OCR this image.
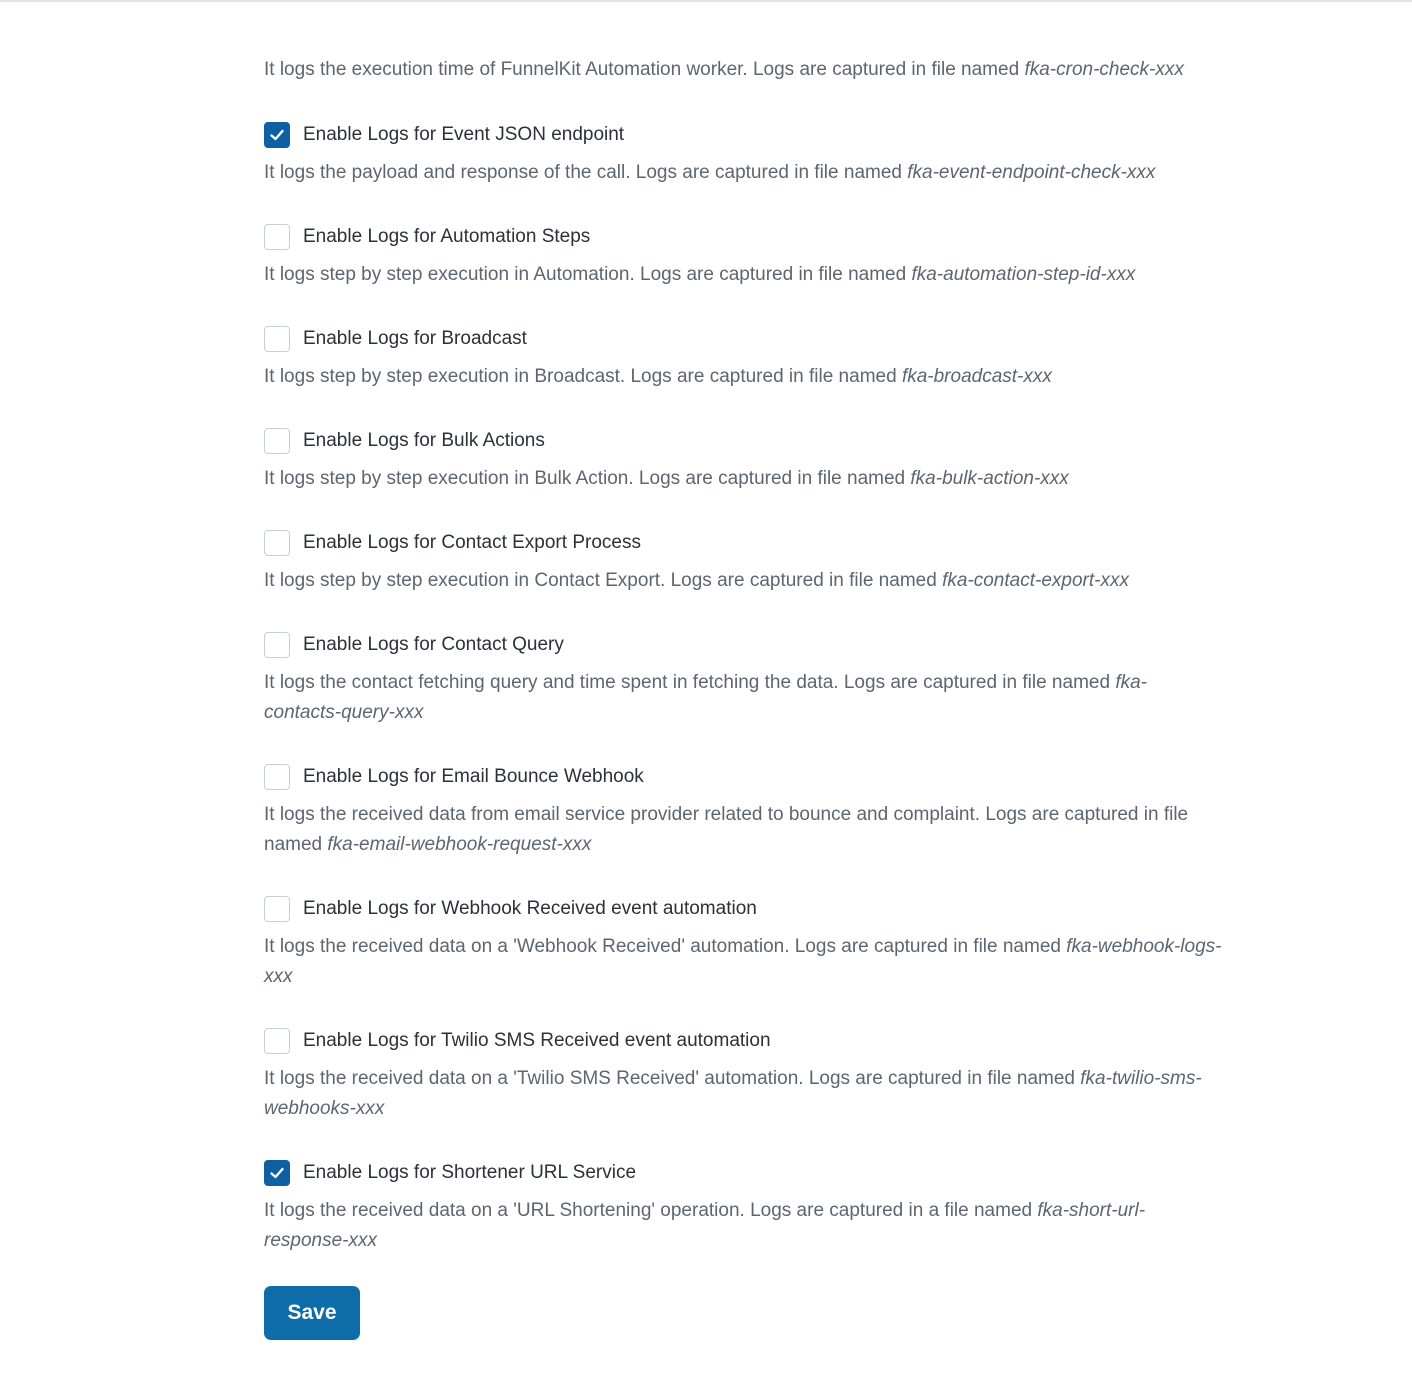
It logs the execution time of FunnelKit Automation worker. Logs are captured in file named fka-cron-check-xxx

Enable Logs for Event JSON endpoint

It logs the payload and response of the call. Logs are captured in file named fka-event-endpoint-check-xxx

Enable Logs for Automation Steps

It logs step by step execution in Automation. Logs are captured in file named fka-automation-step-id-xxx

Enable Logs for Broadcast

It logs step by step execution in Broadcast. Logs are captured in file named fka-broadcast-xxx

Enable Logs for Bulk Actions

It logs step by step execution in Bulk Action. Logs are captured in file named fka-bulk-action-xxx

Enable Logs for Contact Export Process

It logs step by step execution in Contact Export. Logs are captured in file named fka-contact-export-xxx

Enable Logs for Contact Query

It logs the contact fetching query and time spent in fetching the data. Logs are captured in file named fka-contacts-query-xxx

Enable Logs for Email Bounce Webhook

It logs the received data from email service provider related to bounce and complaint. Logs are captured in file named fka-email-webhook-request-xxx

Enable Logs for Webhook Received event automation

It logs the received data on a 'Webhook Received' automation. Logs are captured in file named fka-webhook-logs-xxx

Enable Logs for Twilio SMS Received event automation

It logs the received data on a 'Twilio SMS Received' automation. Logs are captured in file named fka-twilio-sms-webhooks-xxx

Enable Logs for Shortener URL Service

It logs the received data on a 'URL Shortening' operation. Logs are captured in a file named fka-short-url-response-xxx

Save
